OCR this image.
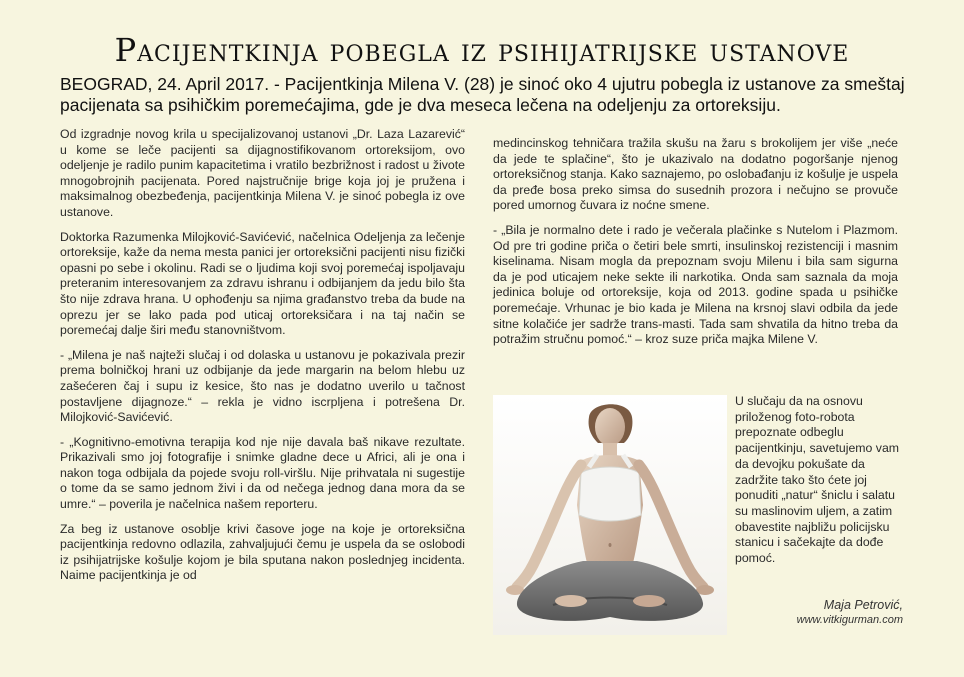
Pacijentkinja pobegla iz psihijatrijske ustanove

BEOGRAD, 24. April 2017. - Pacijentkinja Milena V. (28) je sinoć oko 4 ujutru pobegla iz ustanove za smeštaj pacijenata sa psihičkim poremećajima, gde je dva meseca lečena na odeljenju za ortoreksiju.

Od izgradnje novog krila u specijalizovanoj ustanovi „Dr. Laza Lazarević“ u kome se leče pacijenti sa dijagnostifikovanom ortoreksijom, ovo odeljenje je radilo punim kapacitetima i vratilo bezbrižnost i radost u živote mnogobrojnih pacijenata. Pored najstručnije brige koja joj je pružena i maksimalnog obezbeđenja, pacijentkinja Milena V. je sinoć pobegla iz ove ustanove.

Doktorka Razumenka Milojković-Savićević, načelnica Odeljenja za lečenje ortoreksije, kaže da nema mesta panici jer ortoreksični pacijenti nisu fizički opasni po sebe i okolinu. Radi se o ljudima koji svoj poremećaj ispoljavaju preteranim interesovanjem za zdravu ishranu i odbijanjem da jedu bilo šta što nije zdrava hrana. U ophođenju sa njima građanstvo treba da bude na oprezu jer se lako pada pod uticaj ortoreksičara i na taj način se poremećaj dalje širi među stanovništvom.

- „Milena je naš najteži slučaj i od dolaska u ustanovu je pokazivala prezir prema bolničkoj hrani uz odbijanje da jede margarin na belom hlebu uz zašećeren čaj i supu iz kesice, što nas je dodatno uverilo u tačnost postavljene dijagnoze.“ – rekla je vidno iscrpljena i potrešena Dr. Milojković-Savićević.

- „Kognitivno-emotivna terapija kod nje nije davala baš nikave rezultate. Prikazivali smo joj fotografije i snimke gladne dece u Africi, ali je ona i nakon toga odbijala da pojede svoju roll-viršlu. Nije prihvatala ni sugestije o tome da se samo jednom živi i da od nečega jednog dana mora da se umre.“ – poverila je načelnica našem reporteru.

Za beg iz ustanove osoblje krivi časove joge na koje je ortoreksična pacijentkinja redovno odlazila, zahvaljujući čemu je uspela da se oslobodi iz psihijatrijske košulje kojom je bila sputana nakon poslednjeg incidenta. Naime pacijentkinja je od

medincinskog tehničara tražila skušu na žaru s brokolijem jer više „neće da jede te splačine“, što je ukazivalo na dodatno pogoršanje njenog ortoreksičnog stanja. Kako saznajemo, po oslobađanju iz košulje je uspela da pređe bosa preko simsa do susednih prozora i nečujno se provuče pored umornog čuvara iz noćne smene.

- „Bila je normalno dete i rado je večerala plačinke s Nutelom i Plazmom. Od pre tri godine priča o četiri bele smrti, insulinskoj rezistenciji i masnim kiselinama. Nisam mogla da prepoznam svoju Milenu i bila sam sigurna da je pod uticajem neke sekte ili narkotika. Onda sam saznala da moja jedinica boluje od ortoreksije, koja od 2013. godine spada u psihičke poremećaje. Vrhunac je bio kada je Milena na krsnoj slavi odbila da jede sitne kolačiće jer sadrže trans-masti. Tada sam shvatila da hitno treba da potražim stručnu pomoć.“ – kroz suze priča majka Milene V.

U slučaju da na osnovu priloženog foto-robota prepoznate odbeglu pacijentkinju, savetujemo vam da devojku pokušate da zadržite tako što ćete joj ponuditi „natur“ šniclu i salatu su maslinovim uljem, a zatim obavestite najbližu policijsku stanicu i sačekajte da dođe pomoć.

Maja Petrović,
www.vitkigurman.com
